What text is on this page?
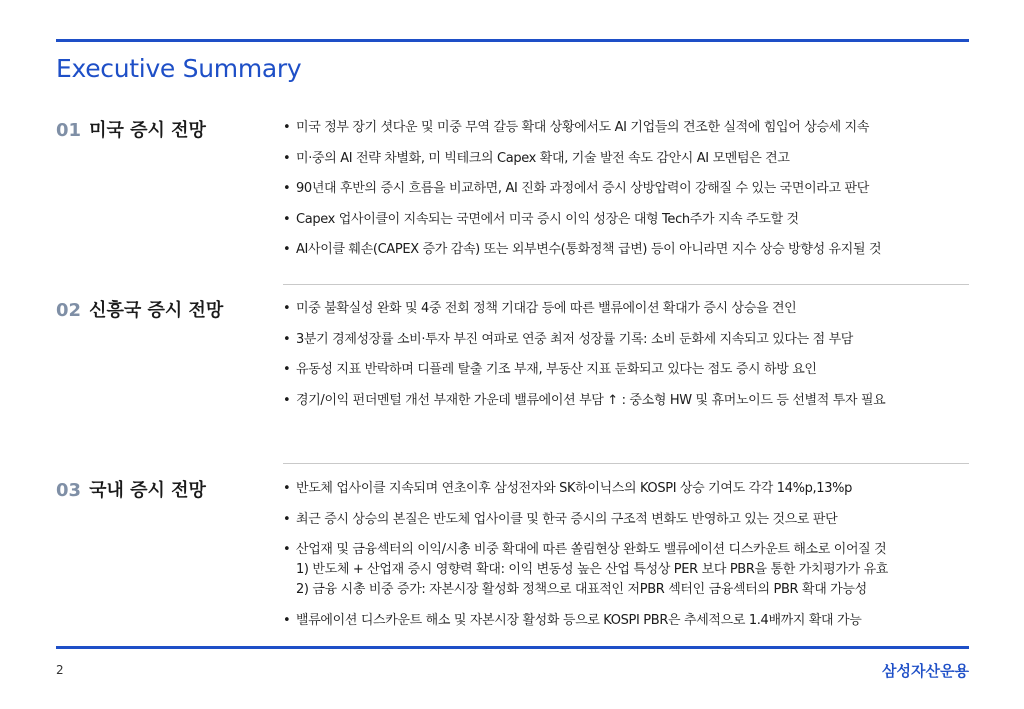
Executive Summary
01 미국 증시 전망	• 미국 정부 장기 셧다운 및 미중 무역 갈등 확대 상황에서도 AI 기업들의 견조한 실적에 힘입어 상승세 지속
• 미·중의 AI 전략 차별화, 미 빅테크의 Capex 확대, 기술 발전 속도 감안시 AI 모멘텀은 견고
• 90년대 후반의 증시 흐름을 비교하면, AI 진화 과정에서 증시 상방압력이 강해질 수 있는 국면이라고 판단
• Capex 업사이클이 지속되는 국면에서 미국 증시 이익 성장은 대형 Tech주가 지속 주도할 것
• AI사이클 훼손(CAPEX 증가 감속) 또는 외부변수(통화정책 급변) 등이 아니라면 지수 상승 방향성 유지될 것
02 신흥국 증시 전망	• 미중 불확실성 완화 및 4중 전회 정책 기대감 등에 따른 밸류에이션 확대가 증시 상승을 견인
• 3분기 경제성장률 소비·투자 부진 여파로 연중 최저 성장률 기록: 소비 둔화세 지속되고 있다는 점 부담
• 유동성 지표 반락하며 디플레 탈출 기조 부재, 부동산 지표 둔화되고 있다는 점도 증시 하방 요인
• 경기/이익 펀더멘털 개선 부재한 가운데 밸류에이션 부담 ↑ : 중소형 HW 및 휴머노이드 등 선별적 투자 필요
03 국내 증시 전망	• 반도체 업사이클 지속되며 연초이후 삼성전자와 SK하이닉스의 KOSPI 상승 기여도 각각 14%p,13%p
• 최근 증시 상승의 본질은 반도체 업사이클 및 한국 증시의 구조적 변화도 반영하고 있는 것으로 판단
• 산업재 및 금융섹터의 이익/시총 비중 확대에 따른 쏠림현상 완화도 밸류에이션 디스카운트 해소로 이어질 것
1) 반도체 + 산업재 증시 영향력 확대: 이익 변동성 높은 산업 특성상 PER 보다 PBR을 통한 가치평가가 유효
2) 금융 시총 비중 증가: 자본시장 활성화 정책으로 대표적인 저PBR 섹터인 금융섹터의 PBR 확대 가능성
• 밸류에이션 디스카운트 해소 및 자본시장 활성화 등으로 KOSPI PBR은 추세적으로 1.4배까지 확대 가능
2	삼성자산운용
